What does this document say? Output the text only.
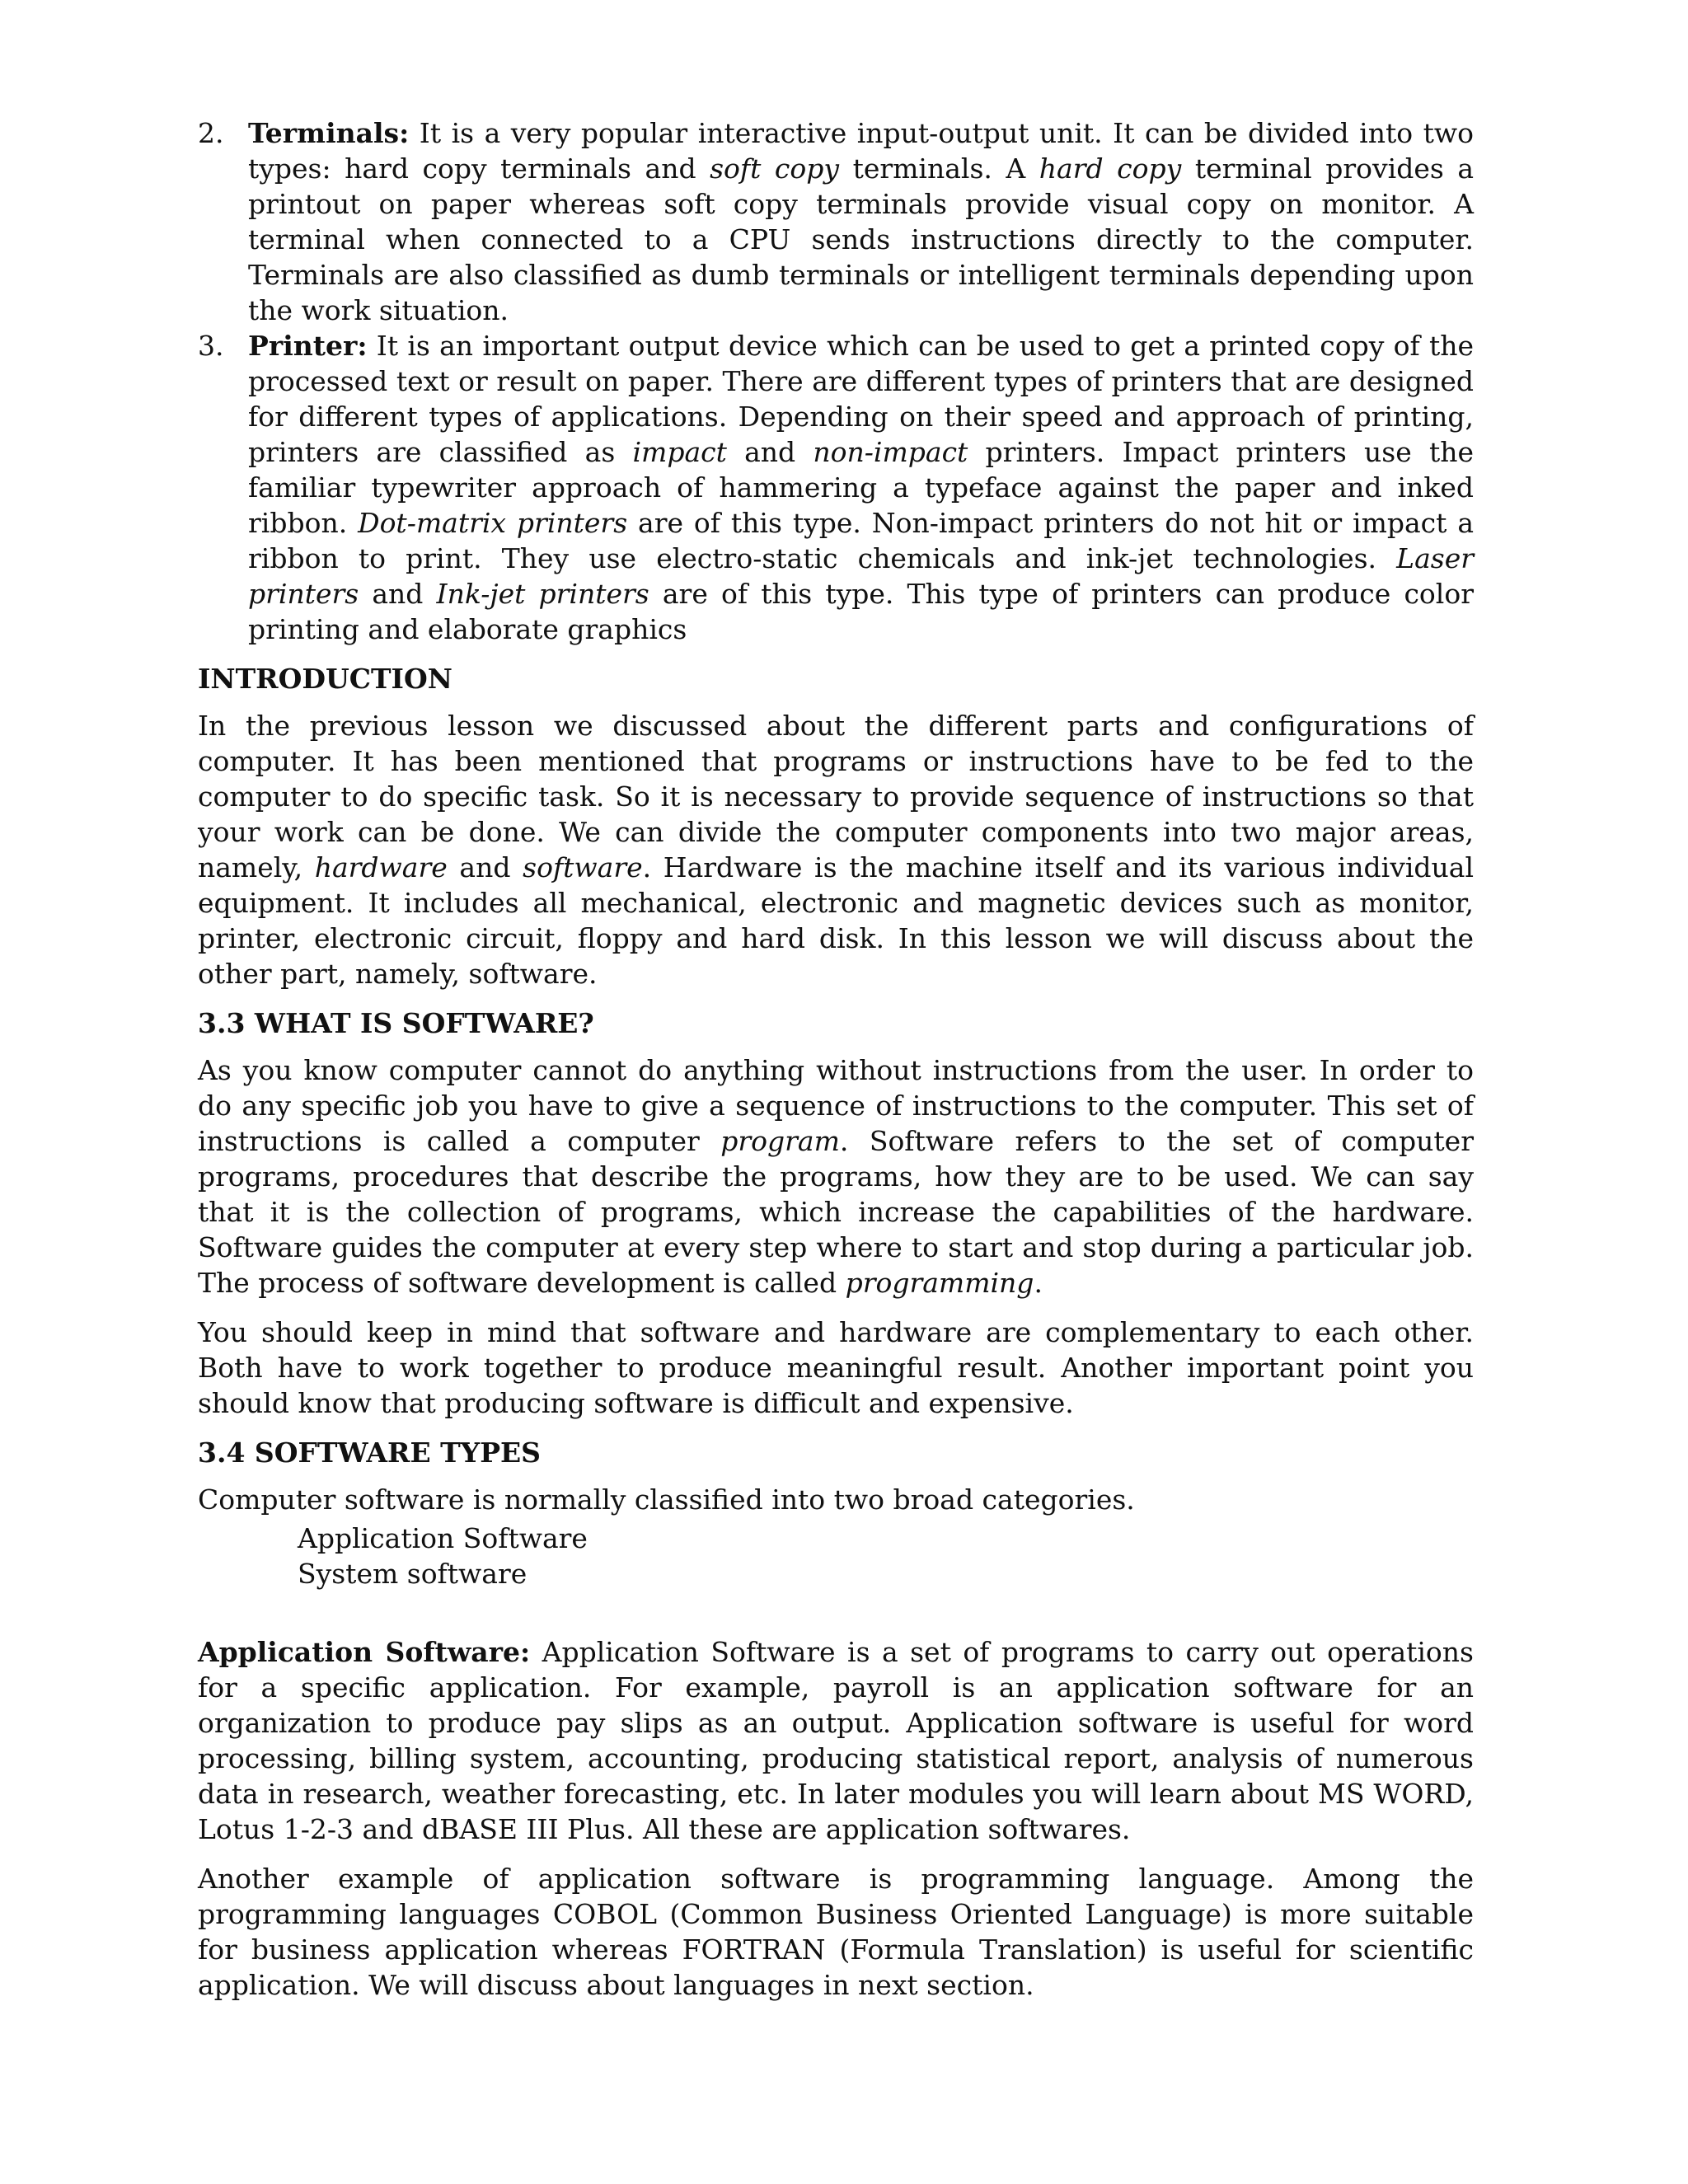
2. Terminals: It is a very popular interactive input-output unit. It can be divided into two types: hard copy terminals and soft copy terminals. A hard copy terminal provides a printout on paper whereas soft copy terminals provide visual copy on monitor. A terminal when connected to a CPU sends instructions directly to the computer. Terminals are also classified as dumb terminals or intelligent terminals depending upon the work situation.
3. Printer: It is an important output device which can be used to get a printed copy of the processed text or result on paper. There are different types of printers that are designed for different types of applications. Depending on their speed and approach of printing, printers are classified as impact and non-impact printers. Impact printers use the familiar typewriter approach of hammering a typeface against the paper and inked ribbon. Dot-matrix printers are of this type. Non-impact printers do not hit or impact a ribbon to print. They use electro-static chemicals and ink-jet technologies. Laser printers and Ink-jet printers are of this type. This type of printers can produce color printing and elaborate graphics
INTRODUCTION

In the previous lesson we discussed about the different parts and configurations of computer. It has been mentioned that programs or instructions have to be fed to the computer to do specific task. So it is necessary to provide sequence of instructions so that your work can be done. We can divide the computer components into two major areas, namely, hardware and software. Hardware is the machine itself and its various individual equipment. It includes all mechanical, electronic and magnetic devices such as monitor, printer, electronic circuit, floppy and hard disk. In this lesson we will discuss about the other part, namely, software.

3.3 WHAT IS SOFTWARE?

As you know computer cannot do anything without instructions from the user. In order to do any specific job you have to give a sequence of instructions to the computer. This set of instructions is called a computer program. Software refers to the set of computer programs, procedures that describe the programs, how they are to be used. We can say that it is the collection of programs, which increase the capabilities of the hardware. Software guides the computer at every step where to start and stop during a particular job. The process of software development is called programming.

You should keep in mind that software and hardware are complementary to each other. Both have to work together to produce meaningful result. Another important point you should know that producing software is difficult and expensive.

3.4 SOFTWARE TYPES

Computer software is normally classified into two broad categories.

Application Software
System software

Application Software: Application Software is a set of programs to carry out operations for a specific application. For example, payroll is an application software for an organization to produce pay slips as an output. Application software is useful for word processing, billing system, accounting, producing statistical report, analysis of numerous data in research, weather forecasting, etc. In later modules you will learn about MS WORD, Lotus 1-2-3 and dBASE III Plus. All these are application softwares.

Another example of application software is programming language. Among the programming languages COBOL (Common Business Oriented Language) is more suitable for business application whereas FORTRAN (Formula Translation) is useful for scientific application. We will discuss about languages in next section.
